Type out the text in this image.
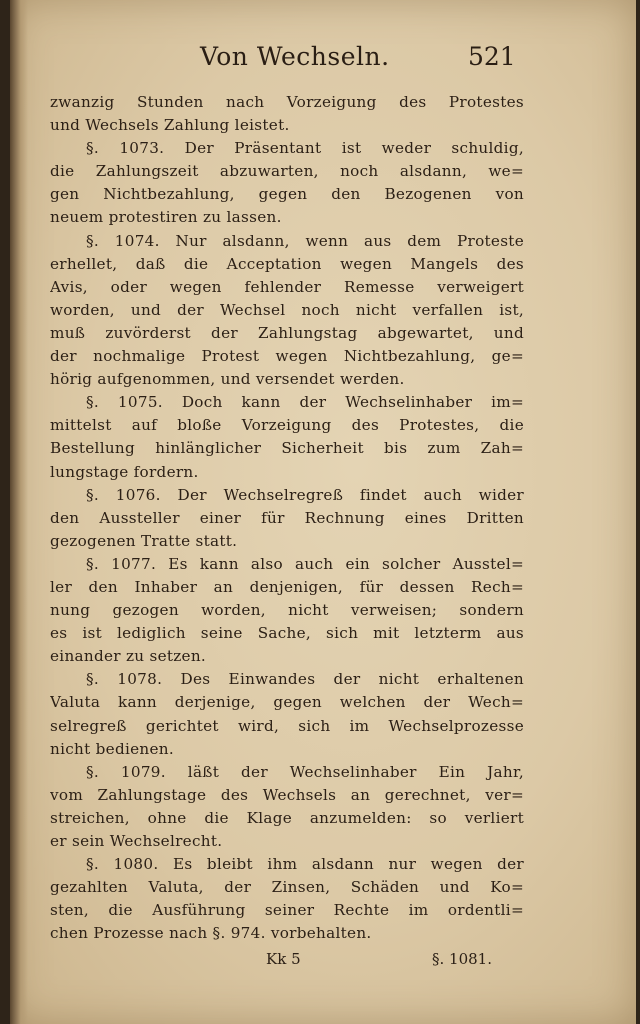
Von Wechseln.	521
zwanzig Stunden nach Vorzeigung des Protestes
und Wechsels Zahlung leistet.
§. 1073. Der Präsentant ist weder schuldig,
die Zahlungszeit abzuwarten, noch alsdann, we=
gen Nichtbezahlung, gegen den Bezogenen von
neuem protestiren zu lassen.
§. 1074. Nur alsdann, wenn aus dem Proteste
erhellet, daß die Acceptation wegen Mangels des
Avis, oder wegen fehlender Remesse verweigert
worden, und der Wechsel noch nicht verfallen ist,
muß zuvörderst der Zahlungstag abgewartet, und
der nochmalige Protest wegen Nichtbezahlung, ge=
hörig aufgenommen, und versendet werden.
§. 1075. Doch kann der Wechselinhaber im=
mittelst auf bloße Vorzeigung des Protestes, die
Bestellung hinlänglicher Sicherheit bis zum Zah=
lungstage fordern.
§. 1076. Der Wechselregreß findet auch wider
den Aussteller einer für Rechnung eines Dritten
gezogenen Tratte statt.
§. 1077. Es kann also auch ein solcher Ausstel=
ler den Inhaber an denjenigen, für dessen Rech=
nung gezogen worden, nicht verweisen; sondern
es ist lediglich seine Sache, sich mit letzterm aus
einander zu setzen.
§. 1078. Des Einwandes der nicht erhaltenen
Valuta kann derjenige, gegen welchen der Wech=
selregreß gerichtet wird, sich im Wechselprozesse
nicht bedienen.
§. 1079. läßt der Wechselinhaber Ein Jahr,
vom Zahlungstage des Wechsels an gerechnet, ver=
streichen, ohne die Klage anzumelden: so verliert
er sein Wechselrecht.
§. 1080. Es bleibt ihm alsdann nur wegen der
gezahlten Valuta, der Zinsen, Schäden und Ko=
sten, die Ausführung seiner Rechte im ordentli=
chen Prozesse nach §. 974. vorbehalten.
Kk 5	§. 1081.
